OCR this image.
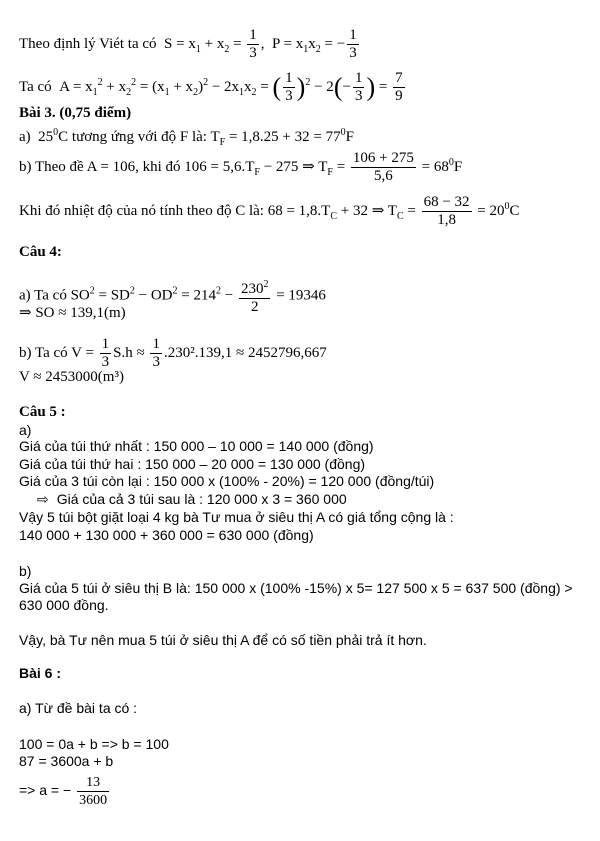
Theo định lý Viét ta có  $S = x_1 + x_2 = \frac{1}{3}$ ,  $P = x_1x_2$ = − $\frac{1}{3}$
Ta có  $A = x_1^2 + x_2^2 = (x_1 + x_2)^2 - 2x_1x_2$ = ( $\frac{1}{3} )^2 - 2(- \frac{1}{3}$ ) = $\frac{7}{9}$
Bài 3. (0,75 điểm)
a)  $25^0C$ tương ứng với độ F là: $T_F = 1,8.25 + 32 = 77^0F$
b) Theo đề A = 106, khi đó $106 = 5,6.T_F - 275$ ⇒ $T_F = \frac{106 + 275}{5,6} = 68^0F$
Khi đó nhiệt độ của nó tính theo độ C là: $68 = 1,8.T_C + 32$ ⇒ $T_C = \frac{68 - 32}{1,8} = 20^0C$
Câu 4:
a) Ta có $SO^2 = SD^2 - OD^2 = 214^2 - \frac{230^2}{2} = 19346$
⇒ SO ≈ 139,1(m)
b) Ta có $V = \frac{1}{3} S.h \approx \frac{1}{3} .230^2.139,1 \approx 2452796,667$
V ≈ 2453000(m³)
Câu 5 :
a)
Giá của túi thứ nhất : 150 000 – 10 000 = 140 000 (đồng)
Giá của túi thứ hai : 150 000 – 20 000 = 130 000 (đồng)
Giá của 3 túi còn lại : 150 000 x (100% - 20%) = 120 000 (đồng/túi)
⇨ Giá của cả 3 túi sau là : 120 000 x 3 = 360 000
Vậy 5 túi bột giặt loại 4 kg bà Tư mua ở siêu thị A có giá tổng cộng là :
140 000 + 130 000 + 360 000 = 630 000 (đồng)
b)
Giá của 5 túi ở siêu thị B là: 150 000 x (100% -15%) x 5= 127 500 x 5 = 637 500 (đồng) >
630 000 đồng.
Vậy, bà Tư nên mua 5 túi ở siêu thị A để có số tiền phải trả ít hơn.
Bài 6 :
a) Từ đề bài ta có :
100 = 0a + b => b = 100
87 = 3600a + b
=> a = − $\frac{13}{3600}$
